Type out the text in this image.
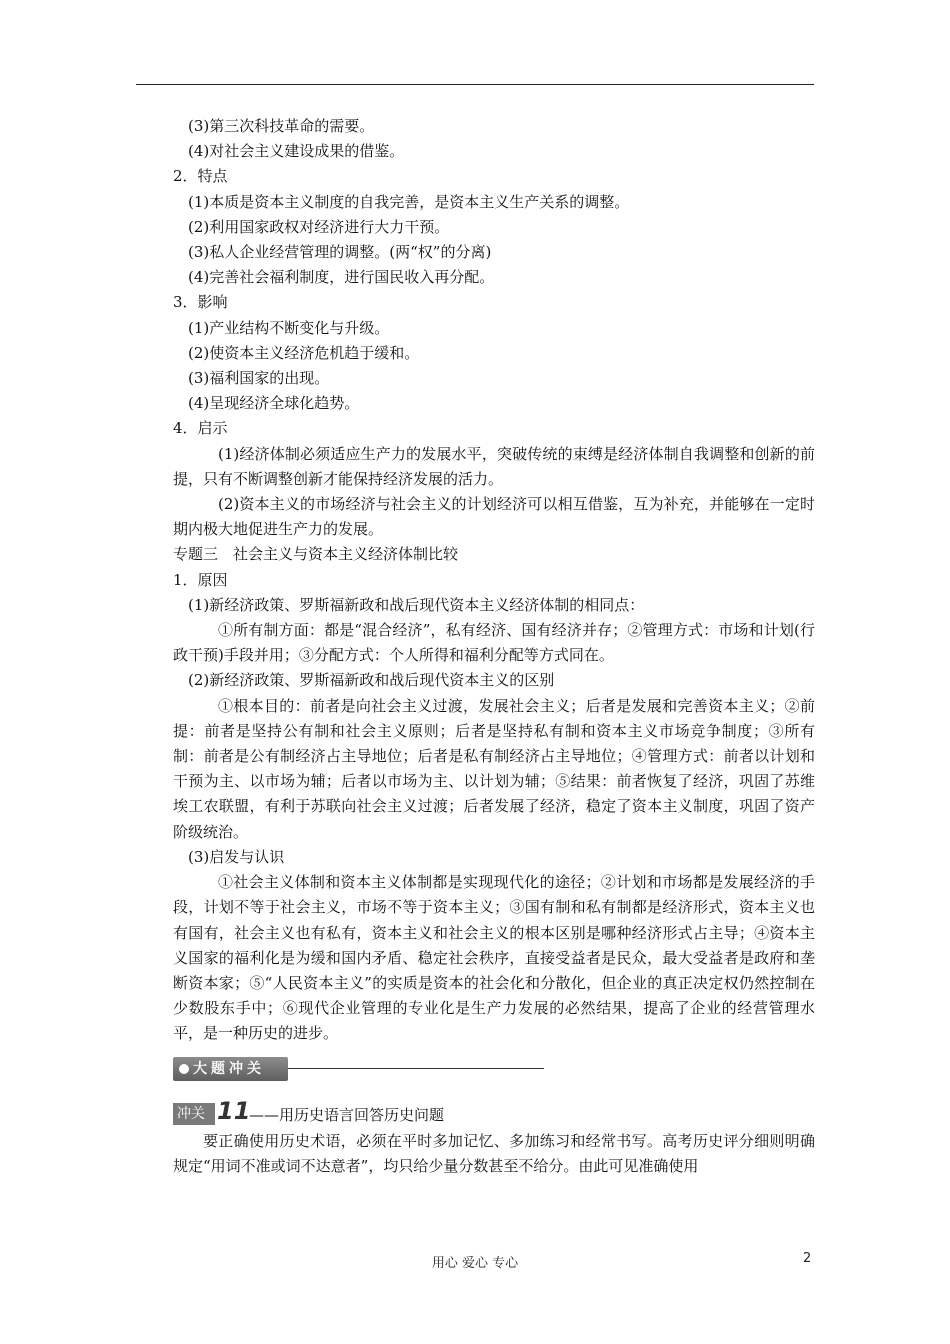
(3)第三次科技革命的需要。
(4)对社会主义建设成果的借鉴。
2．特点
(1)本质是资本主义制度的自我完善，是资本主义生产关系的调整。
(2)利用国家政权对经济进行大力干预。
(3)私人企业经营管理的调整。(两“权”的分离)
(4)完善社会福利制度，进行国民收入再分配。
3．影响
(1)产业结构不断变化与升级。
(2)使资本主义经济危机趋于缓和。
(3)福利国家的出现。
(4)呈现经济全球化趋势。
4．启示
(1)经济体制必须适应生产力的发展水平，突破传统的束缚是经济体制自我调整和创新的前提，只有不断调整创新才能保持经济发展的活力。
(2)资本主义的市场经济与社会主义的计划经济可以相互借鉴，互为补充，并能够在一定时期内极大地促进生产力的发展。
专题三　社会主义与资本主义经济体制比较
1．原因
(1)新经济政策、罗斯福新政和战后现代资本主义经济体制的相同点：
①所有制方面：都是“混合经济”，私有经济、国有经济并存；②管理方式：市场和计划(行政干预)手段并用；③分配方式：个人所得和福利分配等方式同在。
(2)新经济政策、罗斯福新政和战后现代资本主义的区别
①根本目的：前者是向社会主义过渡，发展社会主义；后者是发展和完善资本主义；②前提：前者是坚持公有制和社会主义原则；后者是坚持私有制和资本主义市场竞争制度；③所有制：前者是公有制经济占主导地位；后者是私有制经济占主导地位；④管理方式：前者以计划和干预为主、以市场为辅；后者以市场为主、以计划为辅；⑤结果：前者恢复了经济，巩固了苏维埃工农联盟，有利于苏联向社会主义过渡；后者发展了经济，稳定了资本主义制度，巩固了资产阶级统治。
(3)启发与认识
①社会主义体制和资本主义体制都是实现现代化的途径；②计划和市场都是发展经济的手段，计划不等于社会主义，市场不等于资本主义；③国有制和私有制都是经济形式，资本主义也有国有，社会主义也有私有，资本主义和社会主义的根本区别是哪种经济形式占主导；④资本主义国家的福利化是为缓和国内矛盾、稳定社会秩序，直接受益者是民众，最大受益者是政府和垄断资本家；⑤“人民资本主义”的实质是资本的社会化和分散化，但企业的真正决定权仍然控制在少数股东手中；⑥现代企业管理的专业化是生产力发展的必然结果，提高了企业的经营管理水平，是一种历史的进步。
大题冲关
冲关 11
——用历史语言回答历史问题
要正确使用历史术语，必须在平时多加记忆、多加练习和经常书写。高考历史评分细则明确规定“用词不准或词不达意者”，均只给少量分数甚至不给分。由此可见准确使用
用心 爱心 专心	2
